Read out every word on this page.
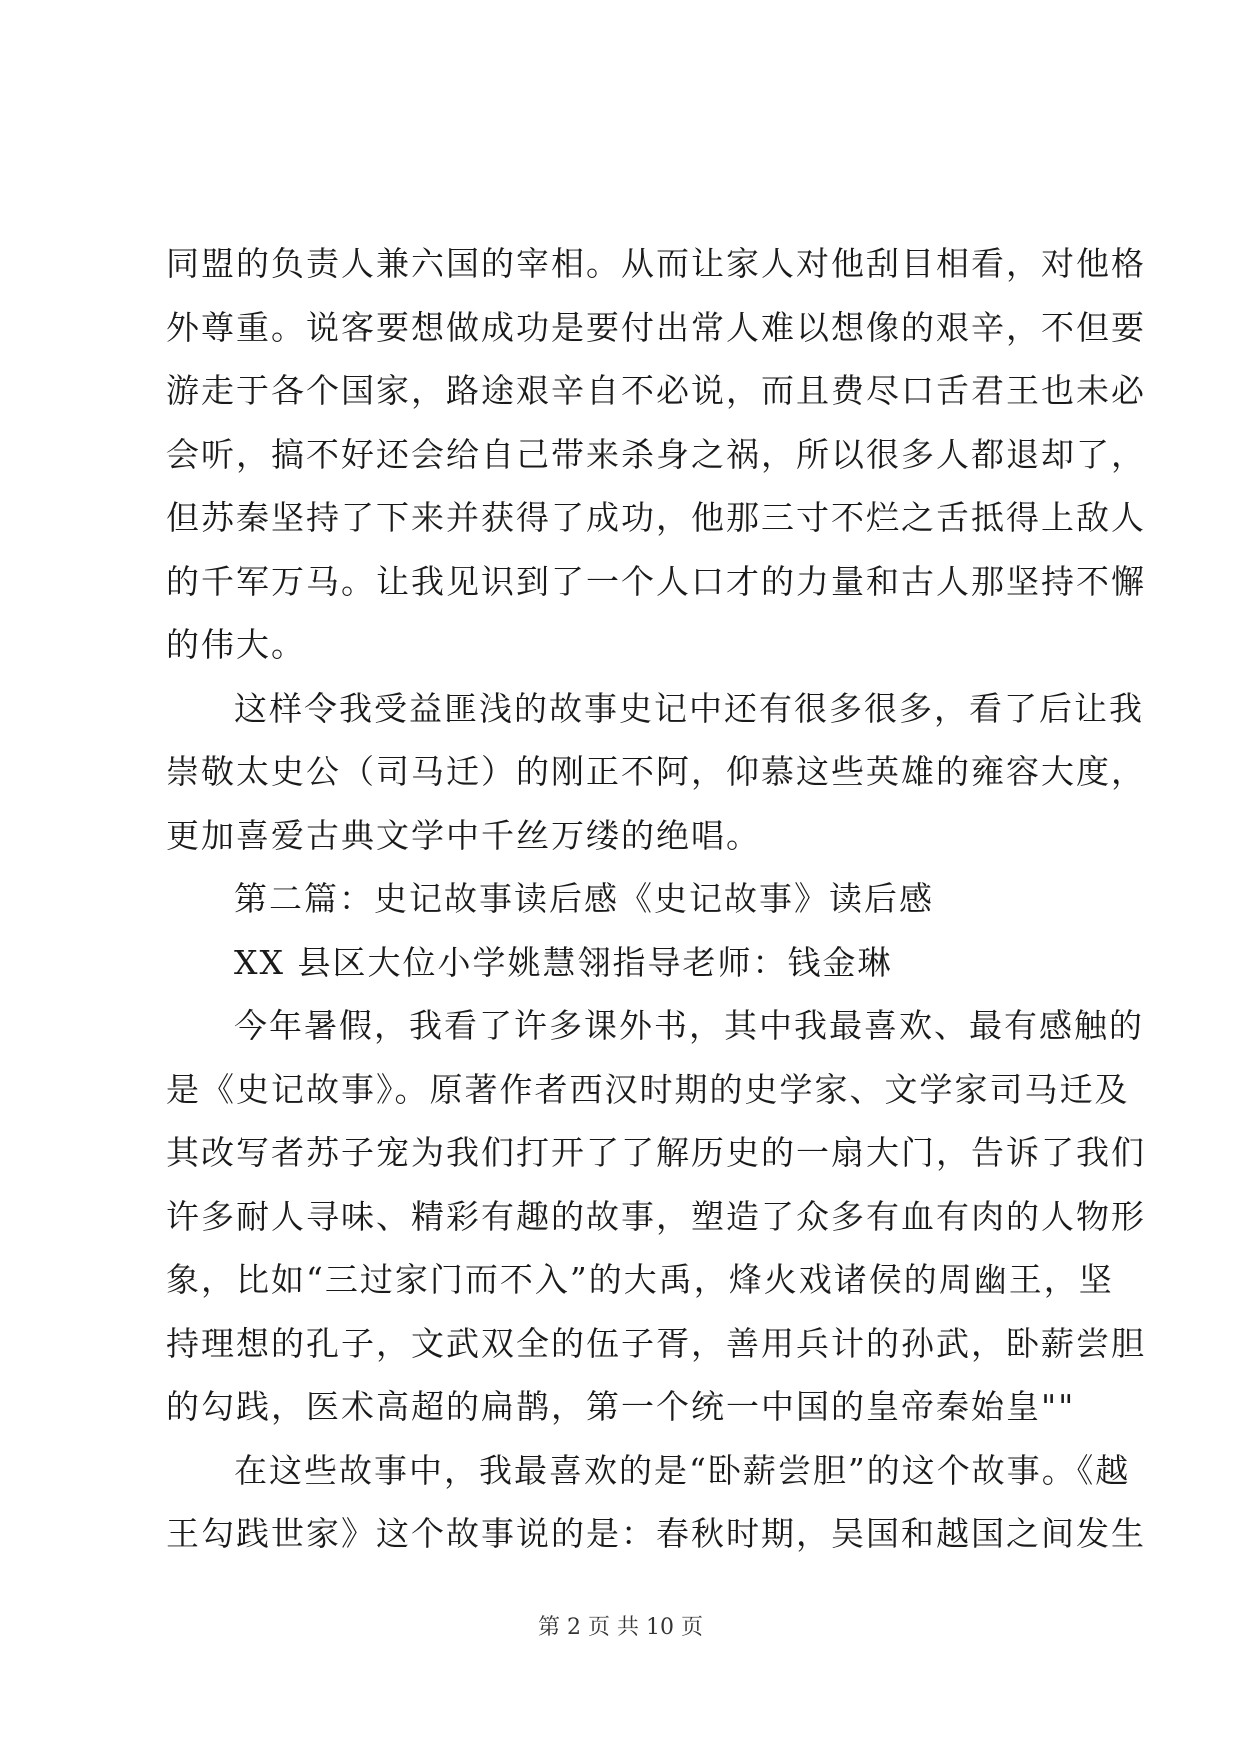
同盟的负责人兼六国的宰相。从而让家人对他刮目相看，对他格
外尊重。说客要想做成功是要付出常人难以想像的艰辛，不但要
游走于各个国家，路途艰辛自不必说，而且费尽口舌君王也未必
会听，搞不好还会给自己带来杀身之祸，所以很多人都退却了，
但苏秦坚持了下来并获得了成功，他那三寸不烂之舌抵得上敌人
的千军万马。让我见识到了一个人口才的力量和古人那坚持不懈
的伟大。

这样令我受益匪浅的故事史记中还有很多很多，看了后让我
崇敬太史公（司马迁）的刚正不阿，仰慕这些英雄的雍容大度，
更加喜爱古典文学中千丝万缕的绝唱。

第二篇：史记故事读后感《史记故事》读后感

XX 县区大位小学姚慧翎指导老师：钱金琳

今年暑假，我看了许多课外书，其中我最喜欢、最有感触的
是《史记故事》。原著作者西汉时期的史学家、文学家司马迁及
其改写者苏子宠为我们打开了了解历史的一扇大门，告诉了我们
许多耐人寻味、精彩有趣的故事，塑造了众多有血有肉的人物形
象，比如“三过家门而不入”的大禹，烽火戏诸侯的周幽王，坚
持理想的孔子，文武双全的伍子胥，善用兵计的孙武，卧薪尝胆
的勾践，医术高超的扁鹊，第一个统一中国的皇帝秦始皇""

在这些故事中，我最喜欢的是“卧薪尝胆”的这个故事。《越
王勾践世家》这个故事说的是：春秋时期，吴国和越国之间发生

第 2 页 共 10 页
